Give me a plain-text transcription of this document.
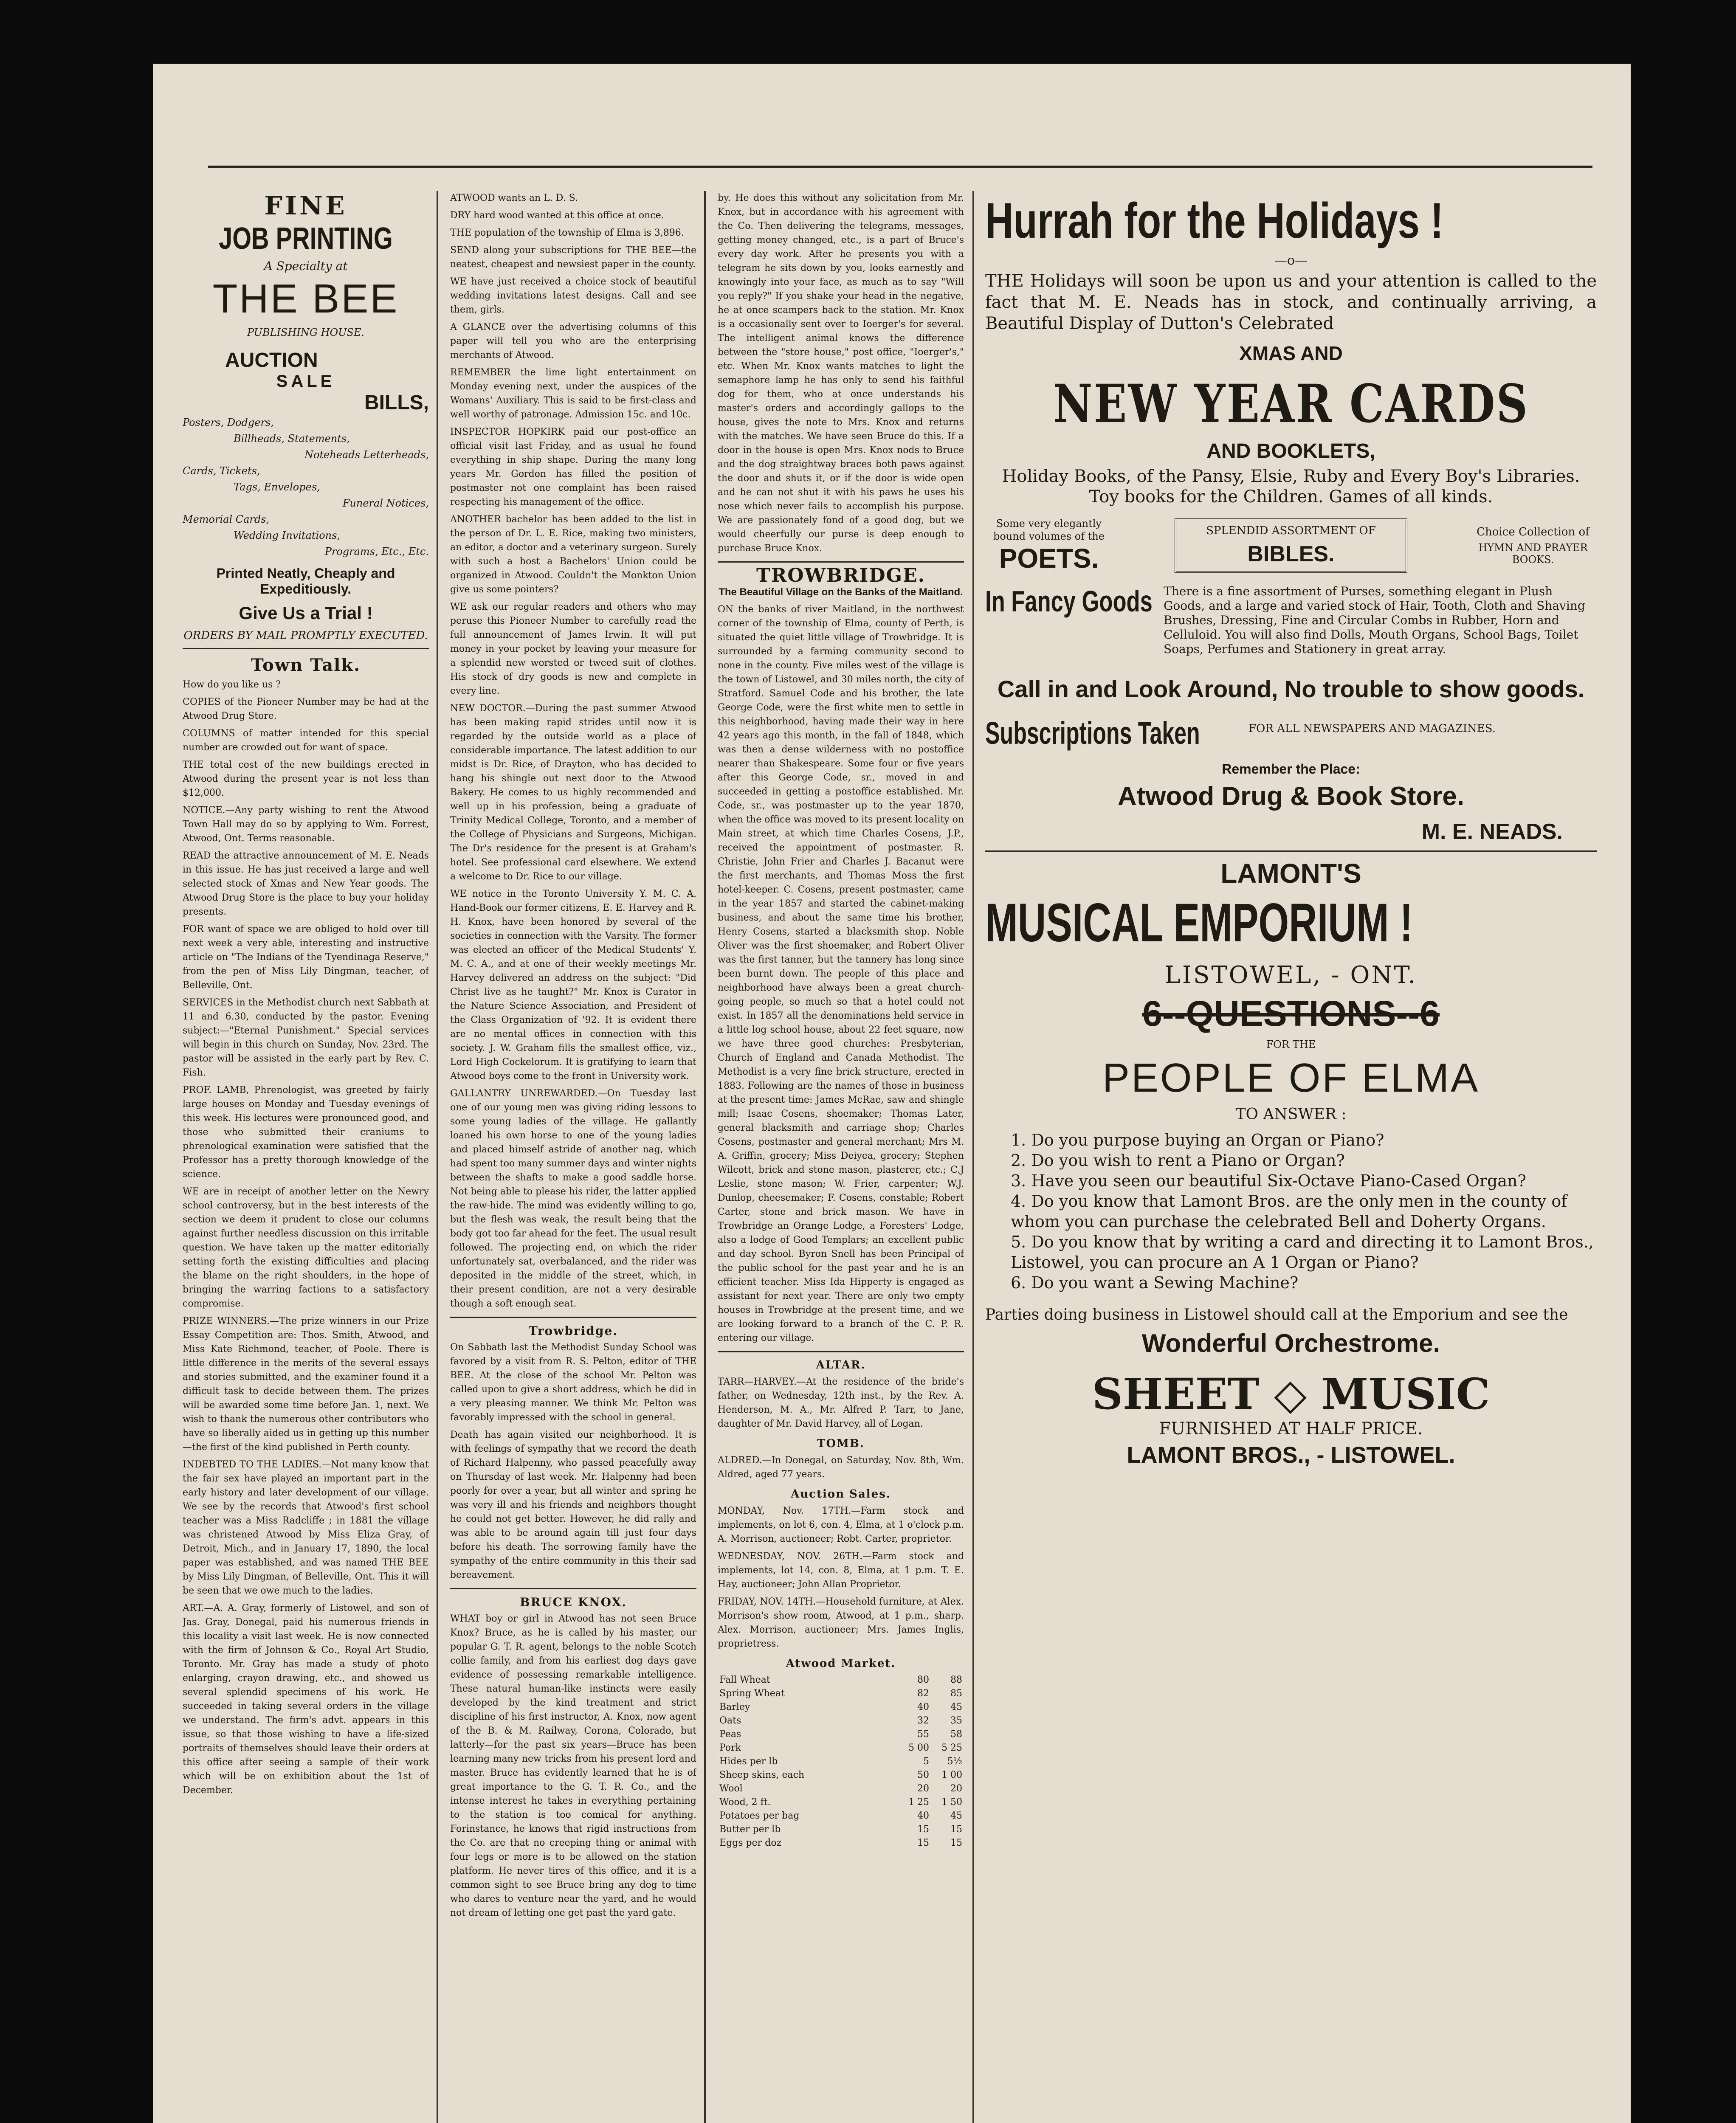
FINE
JOB PRINTING
A Specialty at
THE BEE
PUBLISHING HOUSE.
AUCTION
SALE
BILLS,
Posters, Dodgers,
Billheads, Statements,
Noteheads Letterheads,
Cards, Tickets,
Tags, Envelopes,
Funeral Notices,
Memorial Cards,
Wedding Invitations,
Programs, Etc., Etc.
Printed Neatly, Cheaply and Expeditiously.
Give Us a Trial !
ORDERS BY MAIL PROMPTLY EXECUTED.
Town Talk.

How do you like us ?

COPIES of the Pioneer Number may be had at the Atwood Drug Store.

COLUMNS of matter intended for this special number are crowded out for want of space.

THE total cost of the new buildings erected in Atwood during the present year is not less than $12,000.

NOTICE.—Any party wishing to rent the Atwood Town Hall may do so by applying to Wm. Forrest, Atwood, Ont. Terms reasonable.

READ the attractive announcement of M. E. Neads in this issue. He has just received a large and well selected stock of Xmas and New Year goods. The Atwood Drug Store is the place to buy your holiday presents.

FOR want of space we are obliged to hold over till next week a very able, interesting and instructive article on "The Indians of the Tyendinaga Reserve," from the pen of Miss Lily Dingman, teacher, of Belleville, Ont.

SERVICES in the Methodist church next Sabbath at 11 and 6.30, conducted by the pastor. Evening subject:—"Eternal Punishment." Special services will begin in this church on Sunday, Nov. 23rd. The pastor will be assisted in the early part by Rev. C. Fish.

PROF. LAMB, Phrenologist, was greeted by fairly large houses on Monday and Tuesday evenings of this week. His lectures were pronounced good, and those who submitted their craniums to phrenological examination were satisfied that the Professor has a pretty thorough knowledge of the science.

WE are in receipt of another letter on the Newry school controversy, but in the best interests of the section we deem it prudent to close our columns against further needless discussion on this irritable question. We have taken up the matter editorially setting forth the existing difficulties and placing the blame on the right shoulders, in the hope of bringing the warring factions to a satisfactory compromise.

PRIZE WINNERS.—The prize winners in our Prize Essay Competition are: Thos. Smith, Atwood, and Miss Kate Richmond, teacher, of Poole. There is little difference in the merits of the several essays and stories submitted, and the examiner found it a difficult task to decide between them. The prizes will be awarded some time before Jan. 1, next. We wish to thank the numerous other contributors who have so liberally aided us in getting up this number—the first of the kind published in Perth county.

INDEBTED TO THE LADIES.—Not many know that the fair sex have played an important part in the early history and later development of our village. We see by the records that Atwood's first school teacher was a Miss Radcliffe ; in 1881 the village was christened Atwood by Miss Eliza Gray, of Detroit, Mich., and in January 17, 1890, the local paper was established, and was named THE BEE by Miss Lily Dingman, of Belleville, Ont. This it will be seen that we owe much to the ladies.

ART.—A. A. Gray, formerly of Listowel, and son of Jas. Gray, Donegal, paid his numerous friends in this locality a visit last week. He is now connected with the firm of Johnson & Co., Royal Art Studio, Toronto. Mr. Gray has made a study of photo enlarging, crayon drawing, etc., and showed us several splendid specimens of his work. He succeeded in taking several orders in the village we understand. The firm's advt. appears in this issue, so that those wishing to have a life-sized portraits of themselves should leave their orders at this office after seeing a sample of their work which will be on exhibition about the 1st of December.

ATWOOD wants an L. D. S.

DRY hard wood wanted at this office at once.

THE population of the township of Elma is 3,896.

SEND along your subscriptions for THE BEE—the neatest, cheapest and newsiest paper in the county.

WE have just received a choice stock of beautiful wedding invitations latest designs. Call and see them, girls.

A GLANCE over the advertising columns of this paper will tell you who are the enterprising merchants of Atwood.

REMEMBER the lime light entertainment on Monday evening next, under the auspices of the Womans' Auxiliary. This is said to be first-class and well worthy of patronage. Admission 15c. and 10c.

INSPECTOR HOPKIRK paid our post-office an official visit last Friday, and as usual he found everything in ship shape. During the many long years Mr. Gordon has filled the position of postmaster not one complaint has been raised respecting his management of the office.

ANOTHER bachelor has been added to the list in the person of Dr. L. E. Rice, making two ministers, an editor, a doctor and a veterinary surgeon. Surely with such a host a Bachelors' Union could be organized in Atwood. Couldn't the Monkton Union give us some pointers?

WE ask our regular readers and others who may peruse this Pioneer Number to carefully read the full announcement of James Irwin. It will put money in your pocket by leaving your measure for a splendid new worsted or tweed suit of clothes. His stock of dry goods is new and complete in every line.

NEW DOCTOR.—During the past summer Atwood has been making rapid strides until now it is regarded by the outside world as a place of considerable importance. The latest addition to our midst is Dr. Rice, of Drayton, who has decided to hang his shingle out next door to the Atwood Bakery. He comes to us highly recommended and well up in his profession, being a graduate of Trinity Medical College, Toronto, and a member of the College of Physicians and Surgeons, Michigan. The Dr's residence for the present is at Graham's hotel. See professional card elsewhere. We extend a welcome to Dr. Rice to our village.

WE notice in the Toronto University Y. M. C. A. Hand-Book our former citizens, E. E. Harvey and R. H. Knox, have been honored by several of the societies in connection with the Varsity. The former was elected an officer of the Medical Students' Y. M. C. A., and at one of their weekly meetings Mr. Harvey delivered an address on the subject: "Did Christ live as he taught?" Mr. Knox is Curator in the Nature Science Association, and President of the Class Organization of '92. It is evident there are no mental offices in connection with this society. J. W. Graham fills the smallest office, viz., Lord High Cockelorum. It is gratifying to learn that Atwood boys come to the front in University work.

GALLANTRY UNREWARDED.—On Tuesday last one of our young men was giving riding lessons to some young ladies of the village. He gallantly loaned his own horse to one of the young ladies and placed himself astride of another nag, which had spent too many summer days and winter nights between the shafts to make a good saddle horse. Not being able to please his rider, the latter applied the raw-hide. The mind was evidently willing to go, but the flesh was weak, the result being that the body got too far ahead for the feet. The usual result followed. The projecting end, on which the rider unfortunately sat, overbalanced, and the rider was deposited in the middle of the street, which, in their present condition, are not a very desirable though a soft enough seat.

Trowbridge.

On Sabbath last the Methodist Sunday School was favored by a visit from R. S. Pelton, editor of THE BEE. At the close of the school Mr. Pelton was called upon to give a short address, which he did in a very pleasing manner. We think Mr. Pelton was favorably impressed with the school in general.

Death has again visited our neighborhood. It is with feelings of sympathy that we record the death of Richard Halpenny, who passed peacefully away on Thursday of last week. Mr. Halpenny had been poorly for over a year, but all winter and spring he was very ill and his friends and neighbors thought he could not get better. However, he did rally and was able to be around again till just four days before his death. The sorrowing family have the sympathy of the entire community in this their sad bereavement.

BRUCE KNOX.

WHAT boy or girl in Atwood has not seen Bruce Knox? Bruce, as he is called by his master, our popular G. T. R. agent, belongs to the noble Scotch collie family, and from his earliest dog days gave evidence of possessing remarkable intelligence. These natural human-like instincts were easily developed by the kind treatment and strict discipline of his first instructor, A. Knox, now agent of the B. & M. Railway, Corona, Colorado, but latterly—for the past six years—Bruce has been learning many new tricks from his present lord and master. Bruce has evidently learned that he is of great importance to the G. T. R. Co., and the intense interest he takes in everything pertaining to the station is too comical for anything. Forinstance, he knows that rigid instructions from the Co. are that no creeping thing or animal with four legs or more is to be allowed on the station platform. He never tires of this office, and it is a common sight to see Bruce bring any dog to time who dares to venture near the yard, and he would not dream of letting one get past the yard gate.

by. He does this without any solicitation from Mr. Knox, but in accordance with his agreement with the Co. Then delivering the telegrams, messages, getting money changed, etc., is a part of Bruce's every day work. After he presents you with a telegram he sits down by you, looks earnestly and knowingly into your face, as much as to say "Will you reply?" If you shake your head in the negative, he at once scampers back to the station. Mr. Knox is a occasionally sent over to Ioerger's for several. The intelligent animal knows the difference between the "store house," post office, "Ioerger's," etc. When Mr. Knox wants matches to light the semaphore lamp he has only to send his faithful dog for them, who at once understands his master's orders and accordingly gallops to the house, gives the note to Mrs. Knox and returns with the matches. We have seen Bruce do this. If a door in the house is open Mrs. Knox nods to Bruce and the dog straightway braces both paws against the door and shuts it, or if the door is wide open and he can not shut it with his paws he uses his nose which never fails to accomplish his purpose. We are passionately fond of a good dog, but we would cheerfully our purse is deep enough to purchase Bruce Knox.

TROWBRIDGE.
The Beautiful Village on the Banks of the Maitland.

ON the banks of river Maitland, in the northwest corner of the township of Elma, county of Perth, is situated the quiet little village of Trowbridge. It is surrounded by a farming community second to none in the county. Five miles west of the village is the town of Listowel, and 30 miles north, the city of Stratford. Samuel Code and his brother, the late George Code, were the first white men to settle in this neighborhood, having made their way in here 42 years ago this month, in the fall of 1848, which was then a dense wilderness with no postoffice nearer than Shakespeare. Some four or five years after this George Code, sr., moved in and succeeded in getting a postoffice established. Mr. Code, sr., was postmaster up to the year 1870, when the office was moved to its present locality on Main street, at which time Charles Cosens, J.P., received the appointment of postmaster. R. Christie, John Frier and Charles J. Bacanut were the first merchants, and Thomas Moss the first hotel-keeper. C. Cosens, present postmaster, came in the year 1857 and started the cabinet-making business, and about the same time his brother, Henry Cosens, started a blacksmith shop. Noble Oliver was the first shoemaker, and Robert Oliver was the first tanner, but the tannery has long since been burnt down. The people of this place and neighborhood have always been a great church-going people, so much so that a hotel could not exist. In 1857 all the denominations held service in a little log school house, about 22 feet square, now we have three good churches: Presbyterian, Church of England and Canada Methodist. The Methodist is a very fine brick structure, erected in 1883. Following are the names of those in business at the present time: James McRae, saw and shingle mill; Isaac Cosens, shoemaker; Thomas Later, general blacksmith and carriage shop; Charles Cosens, postmaster and general merchant; Mrs M. A. Griffin, grocery; Miss Deiyea, grocery; Stephen Wilcott, brick and stone mason, plasterer, etc.; C.J Leslie, stone mason; W. Frier, carpenter; W.J. Dunlop, cheesemaker; F. Cosens, constable; Robert Carter, stone and brick mason. We have in Trowbridge an Orange Lodge, a Foresters' Lodge, also a lodge of Good Templars; an excellent public and day school. Byron Snell has been Principal of the public school for the past year and he is an efficient teacher. Miss Ida Hipperty is engaged as assistant for next year. There are only two empty houses in Trowbridge at the present time, and we are looking forward to a branch of the C. P. R. entering our village.

ALTAR.

TARR—HARVEY.—At the residence of the bride's father, on Wednesday, 12th inst., by the Rev. A. Henderson, M. A., Mr. Alfred P. Tarr, to Jane, daughter of Mr. David Harvey, all of Logan.

TOMB.

ALDRED.—In Donegal, on Saturday, Nov. 8th, Wm. Aldred, aged 77 years.

Auction Sales.

MONDAY, Nov. 17TH.—Farm stock and implements, on lot 6, con. 4, Elma, at 1 o'clock p.m. A. Morrison, auctioneer; Robt. Carter, proprietor.

WEDNESDAY, NOV. 26TH.—Farm stock and implements, lot 14, con. 8, Elma, at 1 p.m. T. E. Hay, auctioneer; John Allan Proprietor.

FRIDAY, NOV. 14TH.—Household furniture, at Alex. Morrison's show room, Atwood, at 1 p.m., sharp. Alex. Morrison, auctioneer; Mrs. James Inglis, proprietress.

Atwood Market.
Fall Wheat	80	88
Spring Wheat	82	85
Barley	40	45
Oats	32	35
Peas	55	58
Pork	5 00	5 25
Hides per lb	5	5½
Sheep skins, each	50	1 00
Wool	20	20
Wood, 2 ft.	1 25	1 50
Potatoes per bag	40	45
Butter per lb	15	15
Eggs per doz	15	15
Hurrah for the Holidays !
—o—
THE Holidays will soon be upon us and your attention is called to the fact that M. E. Neads has in stock, and continually arriving, a Beautiful Display of Dutton's Celebrated
XMAS AND
NEW YEAR CARDS
AND BOOKLETS,
Holiday Books, of the Pansy, Elsie, Ruby and Every Boy's Libraries. Toy books for the Children. Games of all kinds.
Some very elegantly bound volumes of the
POETS.
SPLENDID ASSORTMENT OF
BIBLES.
Choice Collection of
HYMN AND PRAYER BOOKS.
In Fancy Goods There is a fine assortment of Purses, something elegant in Plush Goods, and a large and varied stock of Hair, Tooth, Cloth and Shaving Brushes, Dressing, Fine and Circular Combs in Rubber, Horn and Celluloid. You will also find Dolls, Mouth Organs, School Bags, Toilet Soaps, Perfumes and Stationery in great array.
Call in and Look Around, No trouble to show goods.
Subscriptions Taken	FOR ALL NEWSPAPERS AND MAGAZINES.
Remember the Place:
Atwood Drug & Book Store.
M. E. NEADS.
LAMONT'S
MUSICAL EMPORIUM !
LISTOWEL, - ONT.
6--QUESTIONS--6
FOR THE
PEOPLE OF ELMA
TO ANSWER :
1. Do you purpose buying an Organ or Piano?
2. Do you wish to rent a Piano or Organ?
3. Have you seen our beautiful Six-Octave Piano-Cased Organ?
4. Do you know that Lamont Bros. are the only men in the county of whom you can purchase the celebrated Bell and Doherty Organs.
5. Do you know that by writing a card and directing it to Lamont Bros., Listowel, you can procure an A 1 Organ or Piano?
6. Do you want a Sewing Machine?
Parties doing business in Listowel should call at the Emporium and see the
Wonderful Orchestrome.
SHEET ◇ MUSIC
FURNISHED AT HALF PRICE.
LAMONT BROS., - LISTOWEL.
